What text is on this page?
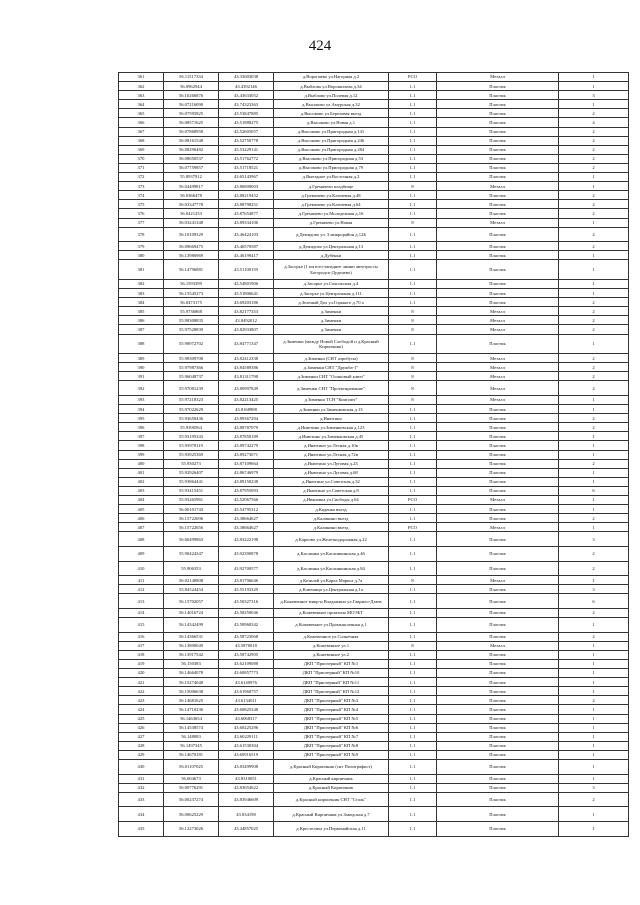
424
361	56.11517334	43.33603038	д.Воропаево ул.Нагорная д.2	РСО	Металл	1
362	56.0962944	43.4392146	д.Выблово ул.Ворошилова д.34	1.1	Пластик	1
363	56.10266876	43.43633052	д.Выблово ул.Полевая д.12	1.1	Пластик	3
364	56.07216090	43.74323363	д.Высоково ул.Амурская д.32	1.1	Пластик	1
365	56.07595825	43.53847885	д.Высоково ул.Березовая въезд	1.1	Пластик	2
366	56.08571625	43.51888275	д.Высоково ул.Новая д.1	1.1	Пластик	4
367	56.07868958	43.52605057	д.Высоково ул.Пригородная д.141	1.1	Пластик	2
368	56.08161548	43.52750778	д.Высоково ул.Пригородная д.246	1.1	Пластик	2
369	56.08290482	43.53229141	д.Высоково ул.Пригородная д.284	1.1	Пластик	2
370	56.08050537	43.51762772	д.Высоково ул.Пригородная д.53	1.1	Пластик	2
371	56.07759857	43.51718521	д.Высоково ул.Пригородная д.79	1.1	Пластик	2
372	55.8937912	43.65143967	д.Выездное ул.Восточная д.2	1.1	Пластик	1
373	56.04499817	43.86800003	д.Гремячево кладбище	8	Металл	1
374	56.0366478	43.88219452	д.Гремячево ул.Ключевая д.48	1.1	Пластик	2
375	56.03347778	43.88798251	д.Гремячево ул.Ключевая д.64	1.1	Пластик	2
376	56.0421253	43.87654877	д.Гремячево ул.Молодежная д.16	1.1	Пластик	2
377	56.03241348	43.89334106	д.Гремячево ул.Новая	8	Металл	1
378	56.10109329	43.46424103	д.Демидово ул. 3 микрорайон д.12Б	1.1	Пластик	2
379	56.09669475	43.46570587	д.Демидово ул.Центральная д.13	1.1	Пластик	2
380	56.13986969	43.46199417	д.Дубёнки	1.1	Пластик	1
381	56.14796881	43.51100159	д.Засорье (1 км юго-западнее линии автотрассы Богородск-Дуденево)	1.1	Пластик	1
382	56.1593399	43.54801906	д.Засорье ул.Сокольская д.4	1.1	Пластик	1
383	56.15545273	43.51806641	д.Засорье ул.Центральная д.111	1.1	Пластик	1
384	56.0473175	43.69203186	д.Зеленый Дол ул.Горького д.70 а	1.1	Пластик	2
385	55.9736868	43.82177353	д.Зименки	8	Металл	2
386	55.98308835	43.8492012	д.Зименки	8	Металл	2
387	55.97528839	43.82933807	д.Зименки	8	Металл	2
388	55.98972702	43.84771347	д.Зименки (между Новой Слободой и д.Красный Кирпичник)	1.1	Пластик	1
389	55.98309708	43.82412338	д.Зименки (СНТ аэробусы)	8	Металл	2
390	55.97987366	43.84589386	д.Зименки СНТ "Дружба-1"	8	Металл	2
391	55.96048737	43.81311798	д.Зименки СНТ "Осиновый ключ"	8	Металл	2
392	55.97081239	43.80997849	д.Зименки СНТ "Проектирование"	8	Металл	2
393	55.97218323	43.82213425	д.Зименки ТСН "Комплит"	8	Металл	1
394	55.97022629	43.8168988	д.Зименки ул.Зименковская д.13	1.1	Пластик	1
395	55.93650436	43.89367294	д.Инютино	1.1	Пластик	2
396	55.9390564	43.88787079	д.Инютино ул.Зименковская д.123	1.1	Пластик	2
397	55.93195343	43.87850189	д.Инютино ул.Зименковская д.45	1.1	Пластик	1
398	55.93978119	43.89742279	д.Инютино ул.Лесная д.10в	1.1	Пластик	1
399	55.93925369	43.89273071	д.Инютино ул.Лесная д.72в	1.1	Пластик	1
400	55.930273	43.87109664	д.Инютино ул.Луговая д.23	1.1	Пластик	2
401	55.92926407	43.86746979	д.Инютино ул.Луговая д.68	1.1	Пластик	1
402	55.93864441	43.89150238	д.Инютино ул.Советская д.32	1.1	Пластик	1
403	55.93415451	43.87955093	д.Инютино ул.Советская д.8	1.1	Пластик	6
404	55.93265961	43.52067566	д.Ивановка ул.Свободы д.64	РСО	Металл	1
405	56.00101743	43.54795312	д.Каденка въезд	1.1	Пластик	1
406	56.15722696	43.38664627	д.Калинино въезд	1.1	Пластик	2
407	56.15722656	43.38664627	д.Калинино въезд	РСО	Металл	1
408	56.06499863	43.83222198	д.Карпово ул.Железнодорожная д.22	1.1	Пластик	3
409	55.90424347	43.92390878	д.Каслинка ул.Каслинкинская д.46	1.1	Пластик	2
410	55.906353	43.92700577	д.Каслинка ул.Каслинкинская д.84	1.1	Пластик	2
411	56.02140808	43.81796646	д.Кезилей ул.Карла Маркса д.7а	8	Металл	1
412	55.84524454	43.55193329	д.Ключищи ул.Центральная д.1а	1.1	Пластик	3
413	56.15702057	43.50327316	д.Кожевенное микр-н Владыкино ул.Гаврило-Дзаев	1.1	Пластик	6
414	56.14016724	43.58250046	д.Кожевенное промзона МОЭБТ	1.1	Пластик	2
415	56.14342499	43.58960342	д.Кожевенное ул.Промышленная д.1	1.1	Пластик	1
416	56.14366531	43.58723068	д.Кожевенное ул.Солнечная	1.1	Пластик	2
417	56.13800049	43.5870018	д.Кожевенное ул.1	8	Металл	1
418	56.13917542	43.58742905	д.Кожевенное ул.2	1.1	Пластик	1
419	56.150383	43.62109088	ДКП "Приозерный" КП №1	1.1	Пластик	1
420	56.14664078	43.60857773	ДКП "Приозерный" КП №10	1.1	Пластик	1
421	56.15274048	43.6140976	ДКП "Приозерный" КП №11	1.1	Пластик	1
422	56.15006638	43.61960757	ДКП "Приозерный" КП №12	1.1	Пластик	1
423	56.14681625	43.6134011	ДКП "Приозерный" КП №3	1.1	Пластик	2
424	56.14710236	43.60825348	ДКП "Приозерный" КП №4	1.1	Пластик	1
425	56.1463654	43.6068317	ДКП "Приозерный" КП №5	1.1	Пластик	1
426	56.14538574	43.60225296	ДКП "Приозерный" КП №6	1.1	Пластик	1
427	56.148083	43.60229111	ДКП "Приозерный" КП №7	1.1	Пластик	1
428	56.1497345	43.61530304	ДКП "Приозерный" КП №8	1.1	Пластик	1
429	56.14670181	43.60916519	ДКП "Приозерный" КП №9	1.1	Пластик	1
430	56.01107025	43.83499908	д.Красный Кирпичник (снт Полиграфист)	1.1	Пластик	1
431	56.004673	43.8310051	д.Красный кирпичник	1.1	Пластик	1
432	56.00776291	43.83654622	д.Красный Кирпичник	1.1	Пластик	3
433	56.00237274	43.83946609	д.Красный кирпичник СНТ "Сталь"	1.1	Пластик	2
434	56.00625229	43.834198	д.Красный Кирпичник ул.Заводская д.7	1.1	Пластик	1
435	56.12273026	43.44857025	д.Крестелиха ул.Первомайская д.11	1.1	Пластик	1
